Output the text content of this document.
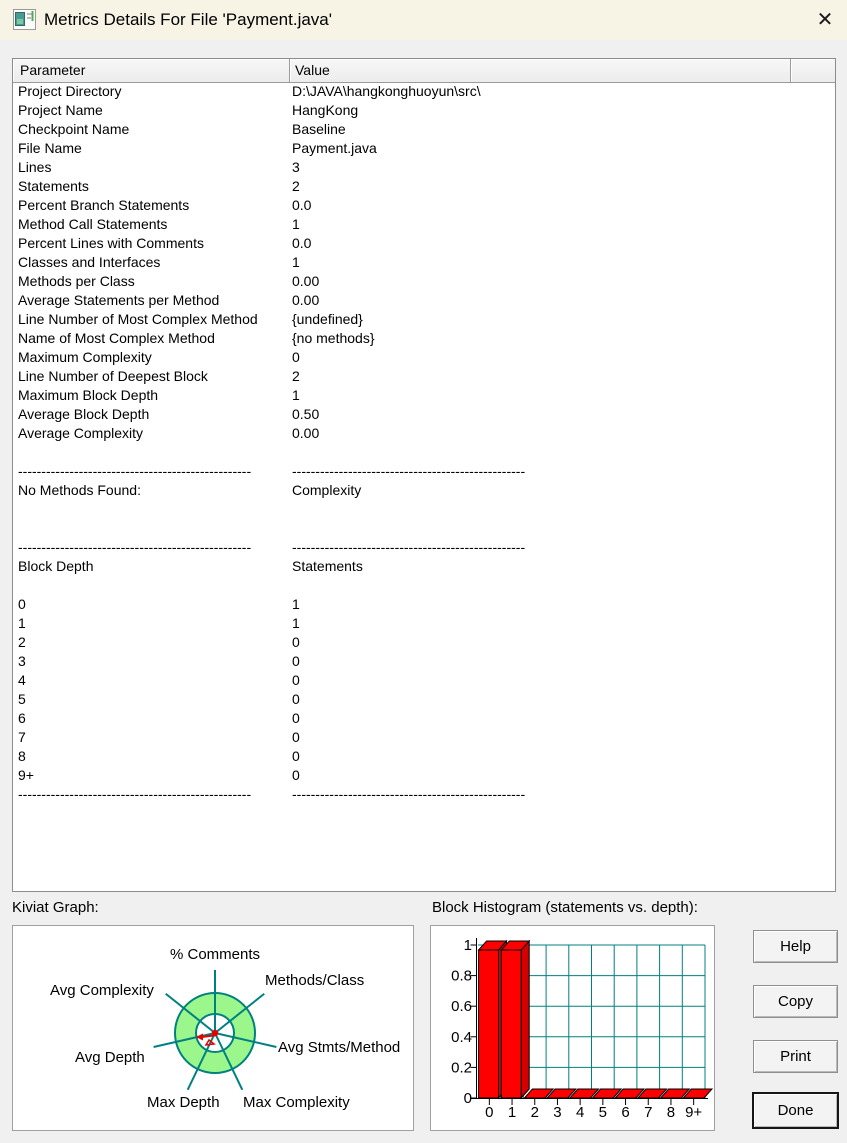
Metrics Details For File 'Payment.java'	✕
Parameter	Value
Project Directory	D:\JAVA\hangkonghuoyun\src\
Project Name	HangKong
Checkpoint Name	Baseline
File Name	Payment.java
Lines	3
Statements	2
Percent Branch Statements	0.0
Method Call Statements	1
Percent Lines with Comments	0.0
Classes and Interfaces	1
Methods per Class	0.00
Average Statements per Method	0.00
Line Number of Most Complex Method {undefined}
Name of Most Complex Method	{no methods}
Maximum Complexity	0
Line Number of Deepest Block	2
Maximum Block Depth	1
Average Block Depth	0.50
Average Complexity	0.00
--------------------------------------------------	--------------------------------------------------
No Methods Found:	Complexity
--------------------------------------------------	--------------------------------------------------
Block Depth	Statements
0	1
1	1
2	0
3	0
4	0
5	0
6	0
7	0
8	0
9+	0
--------------------------------------------------	--------------------------------------------------
Kiviat Graph:	Block Histogram (statements vs. depth):
% Comments
Methods/Class
Avg Complexity
Avg Stmts/Method
Avg Depth
Max Depth Max Complexity	0
0.2
0.4
0.6
0.8
1
0 1 2 3 4 5 6 7 8 9+
Help
Copy
Print
Done
